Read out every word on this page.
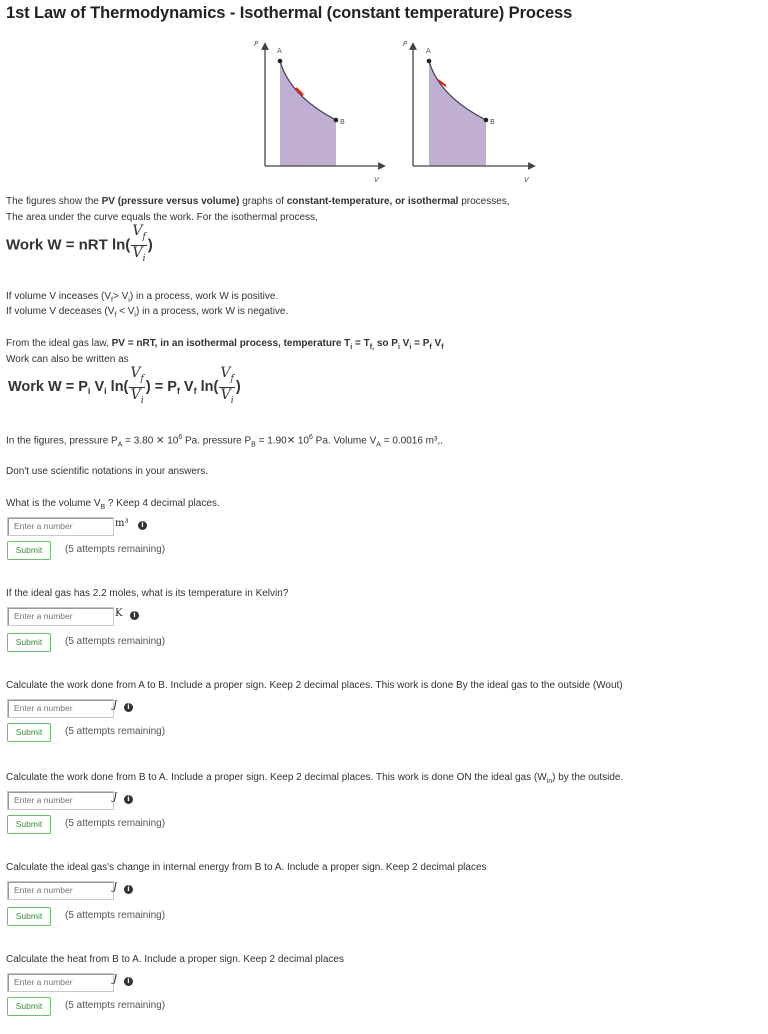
1st Law of Thermodynamics - Isothermal (constant temperature) Process
P
A
B
V
P
A
B
V
The figures show the PV (pressure versus volume) graphs of constant-temperature, or isothermal processes,
The area under the curve equals the work. For the isothermal process,
Work W = nRT $\ln( \frac{V_f}{V_i}$ )
If volume V inceases $(V_f> V_i)$ in a process, work W is positive.
If volume V deceases $(V_f < V_i)$ in a process, work W is negative.
From the ideal gas law, PV = nRT, in an isothermal process, temperature $T_i = T_{f,}$ so $P_i$ $V_i = P_f$ $V_f$
Work can also be written as
Work $W = P_i$ $V_i$ $\ln( \frac{V_f}{V_i}$ ) = $P_f$ $V_f$ $\ln( \frac{V_f}{V_i}$ )
In the figures, pressure $P_A = 3.80$ ✕ $10^6$ Pa. pressure $P_B$ = 1.90✕ $10^6$ Pa. Volume $V_A = 0.0016$ m³,.
Don't use scientific notations in your answers.
What is the volume $V_B$ ? Keep 4 decimal places.
Enter a number	m³	i
Submit	(5 attempts remaining)
If the ideal gas has 2.2 moles, what is its temperature in Kelvin?
Enter a number	K	i
Submit	(5 attempts remaining)
Calculate the work done from A to B. Include a proper sign. Keep 2 decimal places. This work is done By the ideal gas to the outside (Wout)
Enter a number	J	i
Submit	(5 attempts remaining)
Calculate the work done from B to A. Include a proper sign. Keep 2 decimal places. This work is done ON the ideal gas $(W_{in})$ by the outside.
Enter a number	J	i
Submit	(5 attempts remaining)
Calculate the ideal gas's change in internal energy from B to A. Include a proper sign. Keep 2 decimal places
Enter a number	J	i
Submit	(5 attempts remaining)
Calculate the heat from B to A. Include a proper sign. Keep 2 decimal places
Enter a number	J	i
Submit	(5 attempts remaining)
